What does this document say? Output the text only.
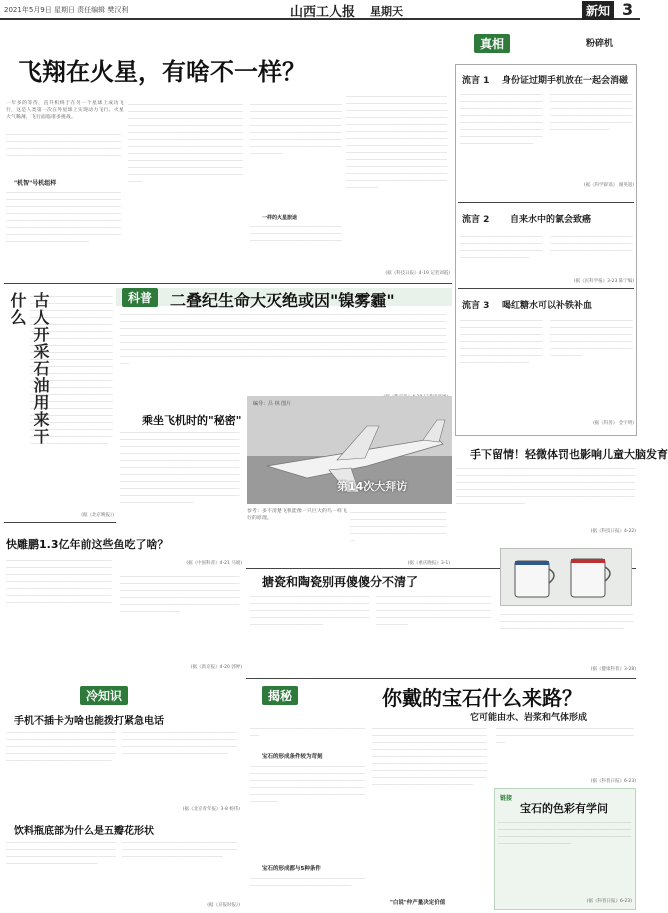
2021年5月9日 星期日 责任编辑 樊汉利	山西工人报 星期天	新知 3
飞翔在火星，有啥不一样？
一年多的等待，直升机终于在另一个星球上成功飞行，这是人类第一次在外星球上实现动力飞行。火星大气稀薄，飞行面临诸多挑战。
＿＿＿＿＿＿＿＿＿＿＿＿＿＿＿＿＿＿＿＿＿＿＿＿＿＿＿＿＿＿＿＿＿＿＿＿＿＿＿＿＿＿＿＿＿＿＿＿＿＿＿＿＿＿＿＿＿＿＿＿＿＿＿＿＿＿＿＿＿＿＿＿＿＿＿＿＿＿＿＿＿＿＿＿＿＿＿＿＿＿＿＿＿＿＿＿＿＿＿＿
"机智"号机组样
＿＿＿＿＿＿＿＿＿＿＿＿＿＿＿＿＿＿＿＿＿＿＿＿＿＿＿＿＿＿＿＿＿＿＿＿＿＿＿＿＿＿＿＿＿＿＿＿＿＿＿＿＿＿＿＿＿＿＿＿＿＿＿＿＿＿＿＿＿＿＿＿＿＿＿＿＿＿＿＿＿＿＿＿＿＿＿＿＿＿＿＿＿＿＿＿＿＿＿＿＿＿＿＿＿＿＿＿＿＿＿＿＿＿＿＿＿＿＿＿＿＿＿＿＿＿＿＿＿＿＿＿＿＿＿＿＿＿＿＿＿＿＿＿＿＿＿＿＿＿＿＿＿＿＿＿＿＿＿＿＿＿＿＿＿＿＿＿＿＿＿＿＿＿＿＿＿＿＿＿＿＿＿＿＿＿＿＿＿＿＿＿＿
＿＿＿＿＿＿＿＿＿＿＿＿＿＿＿＿＿＿＿＿＿＿＿＿＿＿＿＿＿＿＿＿＿＿＿＿＿＿＿＿＿＿＿＿＿＿＿＿＿＿＿＿＿＿＿＿＿＿＿＿＿＿＿＿＿＿＿＿＿＿＿＿＿＿＿＿＿＿＿＿＿＿＿＿＿＿＿＿＿＿＿＿＿＿＿＿＿＿＿＿＿＿＿＿＿＿＿＿＿＿＿＿＿＿＿＿＿＿＿＿＿＿＿＿＿＿＿＿＿＿＿＿＿＿＿＿＿＿＿＿＿＿＿＿＿＿＿＿＿＿＿＿＿＿＿＿＿＿＿＿＿＿＿＿＿＿＿＿＿＿＿＿＿＿＿＿＿＿＿＿＿＿＿＿＿＿＿＿＿＿＿＿＿＿＿＿＿＿＿＿＿＿＿＿＿＿＿＿＿＿＿＿＿＿＿＿＿＿＿＿＿＿＿＿＿＿＿＿＿＿＿＿＿＿＿＿＿＿＿＿＿＿＿＿＿＿＿＿＿＿＿＿＿＿＿＿＿＿＿＿＿＿＿＿＿＿＿＿＿＿＿＿＿＿＿＿＿＿
＿＿＿＿＿＿＿＿＿＿＿＿＿＿＿＿＿＿＿＿＿＿＿＿＿＿＿＿＿＿＿＿＿＿＿＿＿＿＿＿＿＿＿＿＿＿＿＿＿＿＿＿＿＿＿＿＿＿＿＿＿＿＿＿＿＿＿＿＿＿＿＿＿＿＿＿＿＿＿＿＿＿＿＿＿＿＿＿＿＿＿＿＿＿＿＿＿＿＿＿＿＿＿＿＿＿＿＿＿＿＿＿＿＿＿＿＿＿＿＿＿＿＿＿＿＿＿＿＿＿＿＿＿＿＿＿＿＿＿＿＿＿＿＿＿＿＿
一样的火星旅途
＿＿＿＿＿＿＿＿＿＿＿＿＿＿＿＿＿＿＿＿＿＿＿＿＿＿＿＿＿＿＿＿＿＿＿＿＿＿＿＿＿＿＿＿＿＿＿＿＿＿＿＿＿＿＿＿＿＿＿＿
＿＿＿＿＿＿＿＿＿＿＿＿＿＿＿＿＿＿＿＿＿＿＿＿＿＿＿＿＿＿＿＿＿＿＿＿＿＿＿＿＿＿＿＿＿＿＿＿＿＿＿＿＿＿＿＿＿＿＿＿＿＿＿＿＿＿＿＿＿＿＿＿＿＿＿＿＿＿＿＿＿＿＿＿＿＿＿＿＿＿＿＿＿＿＿＿＿＿＿＿＿＿＿＿＿＿＿＿＿＿＿＿＿＿＿＿＿＿＿＿＿＿＿＿＿＿＿＿＿＿＿＿＿＿＿＿＿＿＿＿＿＿＿＿＿＿＿＿＿＿＿＿＿＿＿＿＿＿＿＿＿＿＿＿＿＿＿＿＿＿＿＿＿＿＿＿＿＿＿＿＿＿＿＿＿＿＿＿＿＿＿＿＿＿＿＿＿＿＿＿＿＿＿＿＿＿＿＿＿＿＿＿＿＿＿＿＿＿＿＿＿＿＿＿＿＿＿＿＿＿＿＿＿＿＿＿＿＿＿＿＿＿＿＿＿＿＿＿＿＿＿＿＿＿＿＿＿＿＿＿＿＿＿＿＿＿＿＿＿＿＿＿＿＿＿＿＿＿＿＿＿＿＿＿＿＿＿＿＿＿＿＿＿
(据《科技日报》4-19 记者刘霞)
真相	粉碎机
流言 1 身份证过期手机放在一起会消磁
＿＿＿＿＿＿＿＿＿＿＿＿＿＿＿＿＿＿＿＿＿＿＿＿＿＿＿＿＿＿＿＿＿＿＿＿＿＿＿＿＿＿＿＿＿＿＿＿＿＿＿＿＿＿＿＿＿＿＿＿＿＿＿＿＿＿＿＿＿＿＿＿＿＿＿＿＿＿＿＿＿＿＿＿＿＿＿＿＿＿＿＿＿＿＿＿＿＿＿＿＿＿＿＿＿＿＿＿＿＿＿＿＿＿＿＿＿＿＿＿＿＿＿＿＿＿＿＿＿＿＿＿＿＿＿＿＿＿＿＿＿＿
＿＿＿＿＿＿＿＿＿＿＿＿＿＿＿＿＿＿＿＿＿＿＿＿＿＿＿＿＿＿＿＿＿＿＿＿＿＿＿＿＿＿＿＿＿＿＿＿＿＿＿＿＿＿＿＿＿＿＿＿＿＿＿＿＿＿＿＿＿＿＿＿＿＿＿＿＿＿＿＿＿＿＿＿＿＿＿＿＿＿＿＿＿＿＿＿＿＿＿＿＿＿＿
(据《科学辟谣》 谢英超)
流言 2 自来水中的氯会致癌
＿＿＿＿＿＿＿＿＿＿＿＿＿＿＿＿＿＿＿＿＿＿＿＿＿＿＿＿＿＿＿＿＿＿＿＿＿＿＿＿＿＿＿＿＿＿＿＿＿＿＿＿＿＿＿＿＿＿＿＿＿＿＿＿＿＿＿＿＿
＿＿＿＿＿＿＿＿＿＿＿＿＿＿＿＿＿＿＿＿＿＿＿＿＿＿＿＿＿＿＿＿＿＿＿＿＿＿＿＿＿＿＿＿＿＿＿＿＿＿＿＿＿＿
(据《民科学报》3-23 陈宁编)
流言 3 喝红糖水可以补铁补血
＿＿＿＿＿＿＿＿＿＿＿＿＿＿＿＿＿＿＿＿＿＿＿＿＿＿＿＿＿＿＿＿＿＿＿＿＿＿＿＿＿＿＿＿＿＿＿＿＿＿＿＿＿＿＿＿＿＿＿＿＿＿＿＿＿＿＿＿＿＿＿＿＿＿＿＿＿＿＿＿＿＿＿＿＿＿＿＿＿＿＿＿＿＿＿＿＿＿＿＿＿＿＿＿＿＿＿＿＿＿＿＿＿＿＿＿＿＿＿＿＿＿＿
＿＿＿＿＿＿＿＿＿＿＿＿＿＿＿＿＿＿＿＿＿＿＿＿＿＿＿＿＿＿＿＿＿＿＿＿＿＿＿＿＿＿＿＿＿＿＿＿＿＿＿＿＿＿＿＿＿＿＿＿＿＿＿＿＿＿＿＿＿＿＿＿＿＿＿＿＿＿＿＿＿＿＿＿＿＿＿＿＿＿＿＿＿＿＿＿＿
(据《科普》 金宇明)
古人开采石油用来干什么 ＿＿＿＿＿＿＿＿＿＿＿＿＿＿＿＿＿＿＿＿＿＿＿＿＿＿＿＿＿＿＿＿＿＿＿＿＿＿＿＿＿＿＿＿＿＿＿＿＿＿＿＿＿＿＿＿＿＿＿＿＿＿＿＿＿＿＿＿＿＿＿＿＿＿＿＿＿＿＿＿＿＿＿＿＿＿＿＿＿＿＿＿＿＿＿＿＿＿＿＿＿＿＿＿＿＿＿＿＿＿＿＿＿＿＿＿＿＿＿＿＿＿＿＿＿＿＿＿＿＿＿＿＿＿＿＿＿＿＿＿＿＿＿＿＿＿＿＿＿＿＿＿＿＿＿＿＿＿＿＿＿＿＿＿＿＿＿＿＿＿＿＿＿＿＿＿＿＿＿＿＿＿＿＿＿＿＿＿＿＿＿＿＿＿＿＿＿＿＿＿＿＿＿＿＿＿＿＿＿＿＿＿＿＿＿＿＿＿＿＿＿＿＿＿＿＿＿＿＿＿＿＿＿＿＿＿＿＿＿＿＿＿＿＿＿＿＿＿＿＿＿＿＿＿＿＿＿＿＿＿＿＿＿＿＿＿＿＿＿＿＿＿＿＿＿＿＿＿＿＿＿＿＿＿＿＿＿＿＿＿＿＿＿＿＿＿＿＿＿＿＿＿＿＿＿＿＿＿＿＿＿＿＿＿＿＿＿＿＿＿＿＿＿＿＿＿＿＿＿＿＿＿＿＿＿＿＿＿＿＿＿＿＿＿＿＿＿＿＿＿＿＿＿＿＿＿＿＿＿＿＿＿＿＿＿＿＿＿＿＿＿＿＿＿＿＿＿＿＿＿＿＿＿＿＿＿＿＿＿＿＿＿＿＿＿
(据《北京晚报》)
科普	二叠纪生命大灭绝或因"镍雾霾"
＿＿＿＿＿＿＿＿＿＿＿＿＿＿＿＿＿＿＿＿＿＿＿＿＿＿＿＿＿＿＿＿＿＿＿＿＿＿＿＿＿＿＿＿＿＿＿＿＿＿＿＿＿＿＿＿＿＿＿＿＿＿＿＿＿＿＿＿＿＿＿＿＿＿＿＿＿＿＿＿＿＿＿＿＿＿＿＿＿＿＿＿＿＿＿＿＿＿＿＿＿＿＿＿＿＿＿＿＿＿＿＿＿＿＿＿＿＿＿＿＿＿＿＿＿＿＿＿＿＿＿＿＿＿＿＿＿＿＿＿＿＿＿＿＿＿＿＿＿＿＿＿＿＿＿＿＿＿＿＿＿＿＿＿＿＿＿＿＿＿＿＿＿＿＿＿＿＿＿＿＿＿＿＿＿＿＿＿＿＿＿＿＿＿＿＿＿＿＿＿＿＿＿＿＿＿＿＿＿＿＿＿＿＿＿＿＿＿＿＿＿＿＿＿＿＿＿＿＿＿＿＿＿＿＿＿＿＿＿＿＿＿＿＿＿＿＿＿＿＿＿＿＿＿＿＿＿＿＿＿＿＿＿＿＿＿＿＿＿＿＿＿＿＿＿＿＿＿＿＿＿＿＿＿＿＿＿＿＿＿＿＿＿＿＿＿＿＿＿＿＿＿＿＿＿＿＿＿＿＿＿＿＿＿＿＿＿＿＿＿＿＿＿＿＿＿＿＿＿＿＿＿＿＿＿＿＿＿＿＿＿＿＿＿＿＿＿＿＿＿＿＿＿＿＿＿＿＿＿＿＿＿＿＿＿＿＿＿＿＿＿＿＿＿＿＿＿＿＿＿＿＿＿＿＿＿＿＿＿＿＿＿＿＿＿＿＿＿＿＿＿＿＿＿＿＿＿＿＿＿＿＿＿＿＿＿＿＿＿＿＿＿＿＿＿＿＿＿＿＿＿＿＿＿＿＿＿＿＿＿＿＿＿＿＿＿＿＿＿＿＿＿＿＿＿＿＿＿＿＿＿＿＿＿＿＿＿＿＿＿＿＿＿＿＿＿＿＿＿＿＿＿＿＿＿＿＿＿＿＿＿＿＿＿＿＿＿＿＿
乘坐飞机时的"秘密"
＿＿＿＿＿＿＿＿＿＿＿＿＿＿＿＿＿＿＿＿＿＿＿＿＿＿＿＿＿＿＿＿＿＿＿＿＿＿＿＿＿＿＿＿＿＿＿＿＿＿＿＿＿＿＿＿＿＿＿＿＿＿＿＿＿＿＿＿＿＿＿＿＿＿＿＿＿＿＿＿＿＿＿＿＿＿＿＿＿＿＿＿＿＿＿＿＿＿＿＿＿＿＿＿＿＿＿＿＿＿＿＿＿＿＿＿＿＿＿＿＿＿＿＿＿＿＿＿＿＿＿＿＿＿＿＿＿＿＿＿＿＿＿＿＿＿＿＿＿＿＿＿＿＿＿＿＿＿＿＿＿＿＿＿＿＿＿＿＿＿＿＿＿＿＿＿＿＿＿＿＿＿＿＿＿＿＿＿＿＿＿＿＿＿＿＿＿＿＿＿＿＿＿＿＿＿＿＿＿＿＿＿＿＿＿＿＿＿＿＿＿＿＿＿＿＿＿＿＿＿＿＿＿＿＿＿＿＿＿＿＿＿＿＿＿＿＿＿＿＿＿＿＿＿＿＿＿＿＿＿＿＿＿＿＿＿＿＿＿＿＿＿＿＿＿＿
(据《中国科普》4-21 马媛)
编导：吕 林 图片
第14次大拜访
参考：多不清楚飞机能像一只巨大的鸟一样飞行的原理。
＿＿＿＿＿＿＿＿＿＿＿＿＿＿＿＿＿＿＿＿＿＿＿＿＿＿＿＿＿＿＿＿＿＿＿＿＿＿＿＿＿＿＿＿＿＿＿＿＿＿＿＿＿＿＿＿＿＿＿＿＿＿＿＿＿＿＿＿＿＿＿＿＿＿＿＿＿＿＿＿＿＿＿＿＿
(据《重庆晚报》3-1)
手下留情！轻微体罚也影响儿童大脑发育
＿＿＿＿＿＿＿＿＿＿＿＿＿＿＿＿＿＿＿＿＿＿＿＿＿＿＿＿＿＿＿＿＿＿＿＿＿＿＿＿＿＿＿＿＿＿＿＿＿＿＿＿＿＿＿＿＿＿＿＿＿＿＿＿＿＿＿＿＿＿＿＿＿＿＿＿＿＿＿＿＿＿＿＿＿＿＿＿＿＿＿＿＿＿＿＿＿＿＿＿＿＿＿＿＿＿＿＿＿＿＿＿＿＿＿＿＿＿＿＿＿＿＿＿＿＿＿＿＿＿＿＿＿＿＿＿＿＿＿＿＿＿＿＿＿＿＿＿＿＿＿＿＿＿＿＿＿＿＿＿＿＿＿＿＿＿＿＿＿＿＿＿＿＿＿＿＿＿＿＿＿＿＿＿＿＿＿＿＿＿＿＿＿＿＿＿＿＿＿＿＿＿＿＿＿＿＿＿＿＿
(据《科技日报》4-22)
快雕鹏1.3亿年前这些鱼吃了啥？
＿＿＿＿＿＿＿＿＿＿＿＿＿＿＿＿＿＿＿＿＿＿＿＿＿＿＿＿＿＿＿＿＿＿＿＿＿＿＿＿＿＿＿＿＿＿＿＿＿＿＿＿＿＿＿＿＿＿＿＿＿＿＿＿＿＿＿＿＿＿＿＿＿＿＿＿＿＿＿＿＿＿＿＿＿＿＿＿＿＿＿＿＿＿＿＿＿＿＿＿＿＿＿＿＿＿＿＿＿＿＿＿＿＿＿＿＿＿＿＿＿＿＿＿＿＿＿＿＿＿＿＿＿＿＿＿＿＿＿＿＿＿＿＿＿＿＿＿＿＿＿＿＿＿＿＿＿＿＿＿＿
＿＿＿＿＿＿＿＿＿＿＿＿＿＿＿＿＿＿＿＿＿＿＿＿＿＿＿＿＿＿＿＿＿＿＿＿＿＿＿＿＿＿＿＿＿＿＿＿＿＿＿＿＿＿＿＿＿＿＿＿＿＿＿＿＿＿＿＿＿＿＿＿＿＿＿＿＿＿＿＿＿＿＿＿＿＿＿＿＿＿＿＿＿＿＿＿＿＿＿＿＿＿＿＿＿＿＿＿＿＿＿＿＿＿＿＿＿＿＿＿＿＿＿＿＿＿＿＿＿＿＿＿＿＿＿＿＿＿＿＿＿＿＿
(据《新京报》4-20 郭婷)
搪瓷和陶瓷别再傻傻分不清了
＿＿＿＿＿＿＿＿＿＿＿＿＿＿＿＿＿＿＿＿＿＿＿＿＿＿＿＿＿＿＿＿＿＿＿＿＿＿＿＿＿＿＿＿＿＿＿＿＿＿＿＿＿＿＿＿＿＿＿＿＿＿＿＿＿＿＿＿＿＿＿＿＿＿＿＿＿＿＿＿＿＿＿＿＿＿＿＿＿＿＿＿＿＿＿＿＿＿＿＿＿＿＿＿＿＿＿＿＿＿＿＿＿＿＿＿＿＿＿＿
＿＿＿＿＿＿＿＿＿＿＿＿＿＿＿＿＿＿＿＿＿＿＿＿＿＿＿＿＿＿＿＿＿＿＿＿＿＿＿＿＿＿＿＿＿＿＿＿＿＿＿＿＿＿＿＿＿＿＿＿＿＿＿＿＿＿＿＿＿＿＿＿＿＿＿＿＿＿＿＿＿＿＿＿＿＿＿＿＿＿＿＿＿＿＿＿＿＿＿＿＿＿＿＿＿＿＿
＿＿＿＿＿＿＿＿＿＿＿＿＿＿＿＿＿＿＿＿＿＿＿＿＿＿＿＿＿＿＿＿＿＿＿＿＿＿＿＿＿＿＿＿＿＿＿＿＿＿＿＿＿＿＿＿＿＿＿＿＿＿＿＿＿＿＿＿＿＿＿＿＿＿＿＿＿＿＿＿＿＿＿＿＿
(据《健康科普》3-28)
冷知识
手机不插卡为啥也能拨打紧急电话
＿＿＿＿＿＿＿＿＿＿＿＿＿＿＿＿＿＿＿＿＿＿＿＿＿＿＿＿＿＿＿＿＿＿＿＿＿＿＿＿＿＿＿＿＿＿＿＿＿＿＿＿＿＿＿＿＿＿＿＿＿＿＿＿＿＿＿＿＿＿＿＿＿＿＿＿＿＿＿＿＿＿＿＿＿＿＿＿＿＿＿＿＿＿＿＿＿＿＿＿＿＿＿＿＿＿＿＿＿＿＿＿＿＿＿＿＿＿＿
＿＿＿＿＿＿＿＿＿＿＿＿＿＿＿＿＿＿＿＿＿＿＿＿＿＿＿＿＿＿＿＿＿＿＿＿＿＿＿＿＿＿＿＿＿＿＿＿＿＿＿＿＿＿＿＿＿＿＿＿＿＿＿＿＿＿＿＿＿＿＿＿＿＿＿＿＿＿＿＿＿＿＿＿＿＿＿＿＿＿＿＿＿＿＿＿＿＿
(据《北京青年报》3-8 杨伟)
饮料瓶底部为什么是五瓣花形状
＿＿＿＿＿＿＿＿＿＿＿＿＿＿＿＿＿＿＿＿＿＿＿＿＿＿＿＿＿＿＿＿＿＿＿＿＿＿＿＿＿＿＿＿＿＿＿＿＿＿＿＿＿＿＿＿＿＿＿＿＿＿＿＿＿＿＿＿＿＿＿＿＿＿＿＿＿＿＿＿＿＿＿＿＿＿＿＿＿＿＿＿
＿＿＿＿＿＿＿＿＿＿＿＿＿＿＿＿＿＿＿＿＿＿＿＿＿＿＿＿＿＿＿＿＿＿＿＿＿＿＿＿＿＿＿＿＿＿＿＿＿＿＿＿＿＿＿＿＿＿＿＿＿＿＿＿＿＿＿＿＿＿＿＿
(据《京报时报》)
揭秘	你戴的宝石什么来路？
它可能由水、岩浆和气体形成
＿＿＿＿＿＿＿＿＿＿＿＿＿＿＿＿＿＿＿＿＿＿＿＿＿＿＿
宝石的形成条件较为苛刻
＿＿＿＿＿＿＿＿＿＿＿＿＿＿＿＿＿＿＿＿＿＿＿＿＿＿＿＿＿＿＿＿＿＿＿＿＿＿＿＿＿＿＿＿＿＿＿＿＿＿＿＿＿＿＿＿＿＿＿＿＿＿＿＿＿＿＿＿＿＿＿＿＿＿＿＿＿＿＿＿＿＿＿＿＿＿＿＿＿＿＿＿＿＿＿＿＿＿＿＿＿＿＿＿＿＿＿＿＿＿＿＿＿＿＿＿＿＿＿＿＿＿＿＿＿＿＿＿＿＿＿
宝石的形成都与5种条件
＿＿＿＿＿＿＿＿＿＿＿＿＿＿＿＿＿＿＿＿＿＿＿＿＿＿＿＿＿＿＿＿＿＿＿＿＿＿＿＿＿＿＿＿＿＿＿
＿＿＿＿＿＿＿＿＿＿＿＿＿＿＿＿＿＿＿＿＿＿＿＿＿＿＿＿＿＿＿＿＿＿＿＿＿＿＿＿＿＿＿＿＿＿＿＿＿＿＿＿＿＿＿＿＿＿＿＿＿＿＿＿＿＿＿＿＿＿＿＿＿＿＿＿＿＿＿＿＿＿＿＿＿＿＿＿＿＿＿＿＿＿＿＿＿＿＿＿＿＿＿＿＿＿＿＿＿＿＿＿＿＿＿＿＿＿＿＿＿＿＿＿＿＿＿＿＿＿＿＿＿＿＿＿＿＿＿＿＿＿＿＿＿＿＿＿＿＿＿＿＿＿＿＿＿＿＿＿＿＿＿＿＿＿＿＿＿＿＿＿＿＿＿＿＿＿＿＿＿＿＿＿＿＿＿＿＿＿＿＿＿＿＿＿＿＿＿＿＿＿＿＿＿＿＿＿＿＿＿＿＿＿＿＿＿＿＿＿＿＿
"白说"仲产量决定价值
＿＿＿＿＿＿＿＿＿＿＿＿＿＿＿＿＿＿＿＿＿＿＿＿＿＿＿＿＿＿＿＿＿＿＿＿＿＿＿＿＿＿＿＿＿＿＿＿＿＿＿＿＿＿＿＿＿＿＿＿＿＿
(据《科普日报》6-23)
链接
宝石的色彩有学问
＿＿＿＿＿＿＿＿＿＿＿＿＿＿＿＿＿＿＿＿＿＿＿＿＿＿＿＿＿＿＿＿＿＿＿＿＿＿＿＿＿＿＿＿＿＿＿＿＿＿＿＿＿＿＿＿＿＿＿＿＿＿＿＿＿＿＿＿＿＿＿＿＿＿＿＿＿＿＿＿＿＿＿＿＿＿＿＿＿＿＿＿＿＿＿＿＿＿＿＿＿＿＿
(据《科普日报》6-23)
